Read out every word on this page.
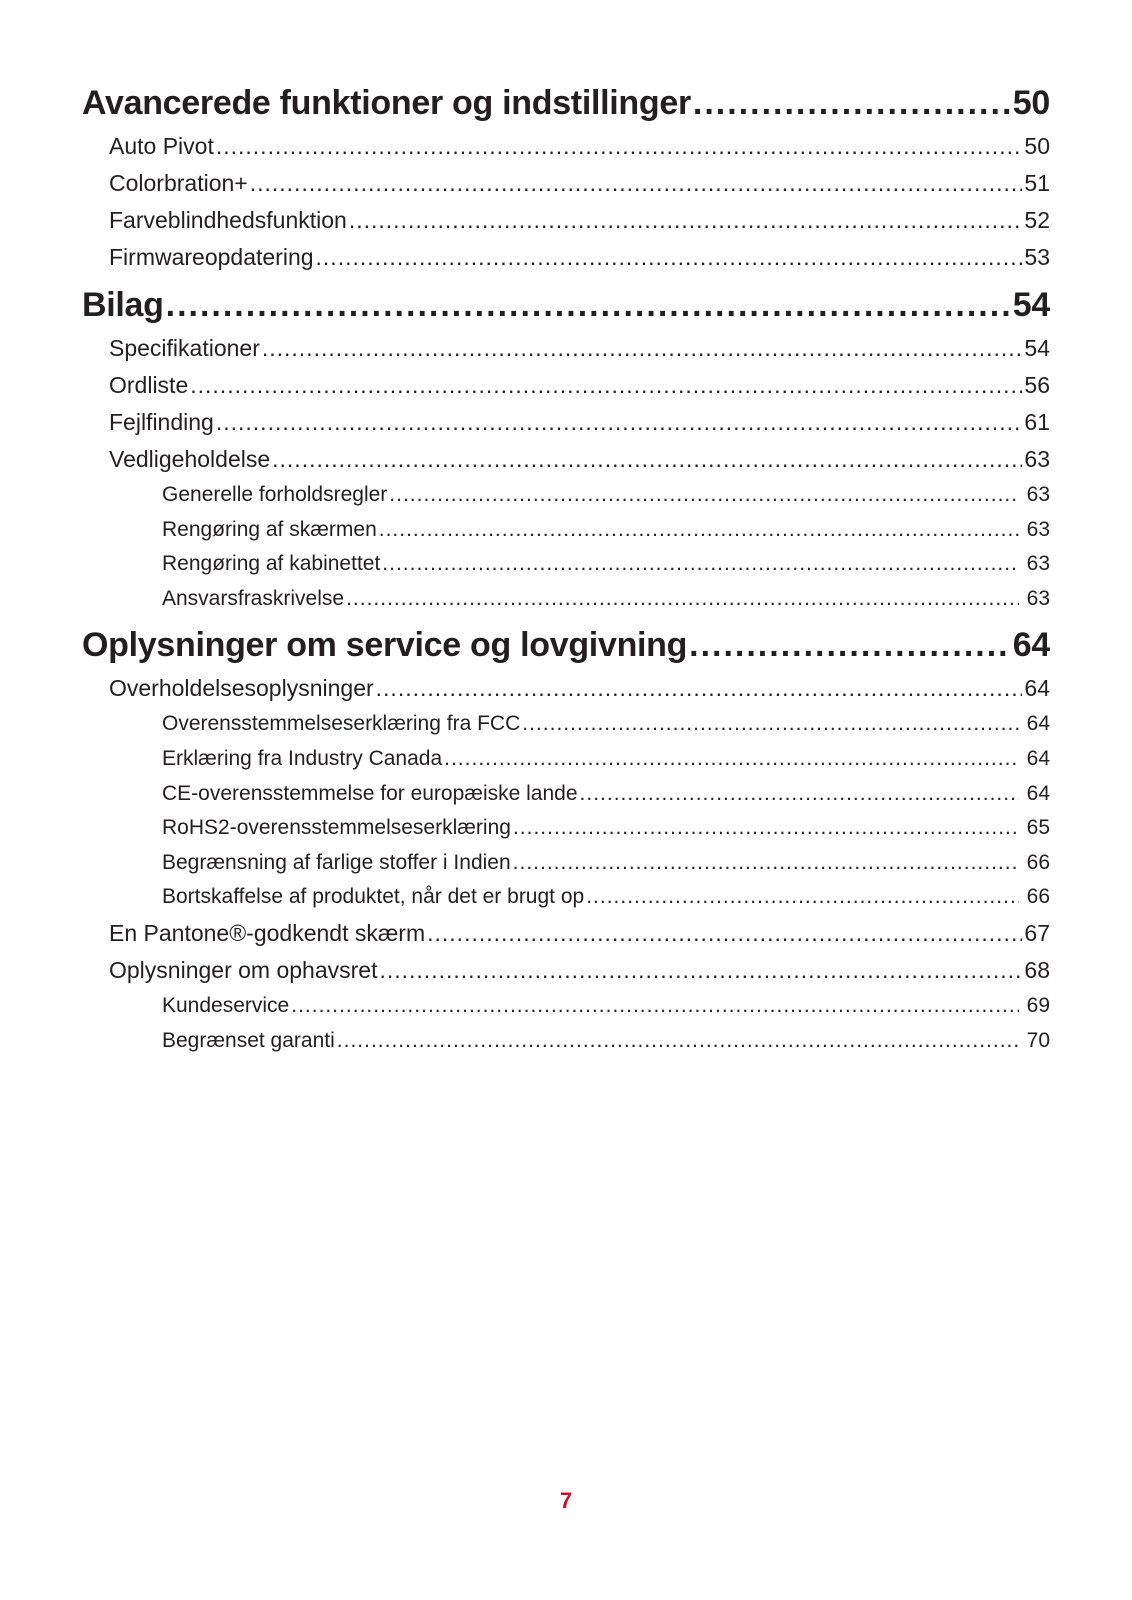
Avancerede funktioner og indstillinger .....	50
Auto Pivot .....	50
Colorbration+ .....	51
Farveblindhedsfunktion .....	52
Firmwareopdatering .....	53
Bilag .....	54
Specifikationer .....	54
Ordliste .....	56
Fejlfinding .....	61
Vedligeholdelse .....	63
Generelle forholdsregler .....	63
Rengøring af skærmen .....	63
Rengøring af kabinettet .....	63
Ansvarsfraskrivelse .....	63
Oplysninger om service og lovgivning .....	64
Overholdelsesoplysninger .....	64
Overensstemmelseserklæring fra FCC .....	64
Erklæring fra Industry Canada .....	64
CE-overensstemmelse for europæiske lande .....	64
RoHS2-overensstemmelseserklæring .....	65
Begrænsning af farlige stoffer i Indien .....	66
Bortskaffelse af produktet, når det er brugt op .....	66
En Pantone®-godkendt skærm .....	67
Oplysninger om ophavsret .....	68
Kundeservice .....	69
Begrænset garanti .....	70
7
